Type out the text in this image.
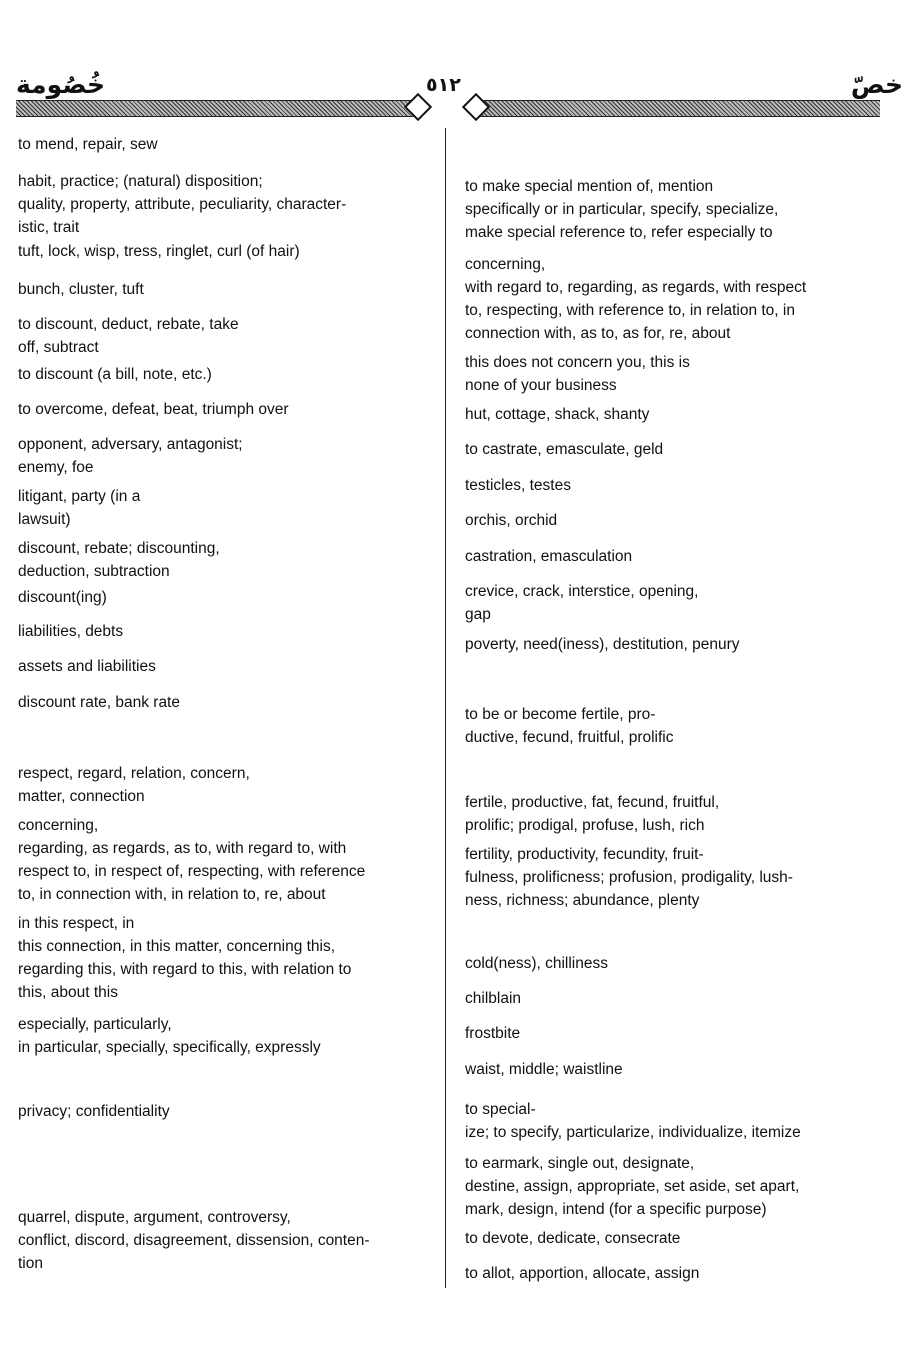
خُصُومة	٥١٢	خصّ
to mend, repair, sew
habit, practice; (natural) disposition;
quality, property, attribute, peculiarity, character-
istic, trait
tuft, lock, wisp, tress, ringlet, curl (of hair)
bunch, cluster, tuft
to discount, deduct, rebate, take
off, subtract
to discount (a bill, note, etc.)
to overcome, defeat, beat, triumph over
opponent, adversary, antagonist;
enemy, foe
litigant, party (in a
lawsuit)
discount, rebate; discounting,
deduction, subtraction
discount(ing)
liabilities, debts
assets and liabilities
discount rate, bank rate
respect, regard, relation, concern,
matter, connection
concerning,
regarding, as regards, as to, with regard to, with
respect to, in respect of, respecting, with reference
to, in connection with, in relation to, re, about
in this respect, in
this connection, in this matter, concerning this,
regarding this, with regard to this, with relation to
this, about this
especially, particularly,
in particular, specially, specifically, expressly
privacy; confidentiality
quarrel, dispute, argument, controversy,
conflict, discord, disagreement, dissension, conten-
tion
to make special mention of, mention
specifically or in particular, specify, specialize,
make special reference to, refer especially to
concerning,
with regard to, regarding, as regards, with respect
to, respecting, with reference to, in relation to, in
connection with, as to, as for, re, about
this does not concern you, this is
none of your business
hut, cottage, shack, shanty
to castrate, emasculate, geld
testicles, testes
orchis, orchid
castration, emasculation
crevice, crack, interstice, opening,
gap
poverty, need(iness), destitution, penury
to be or become fertile, pro-
ductive, fecund, fruitful, prolific
fertile, productive, fat, fecund, fruitful,
prolific; prodigal, profuse, lush, rich
fertility, productivity, fecundity, fruit-
fulness, prolificness; profusion, prodigality, lush-
ness, richness; abundance, plenty
cold(ness), chilliness
chilblain
frostbite
waist, middle; waistline
to special-
ize; to specify, particularize, individualize, itemize
to earmark, single out, designate,
destine, assign, appropriate, set aside, set apart,
mark, design, intend (for a specific purpose)
to devote, dedicate, consecrate
to allot, apportion, allocate, assign
